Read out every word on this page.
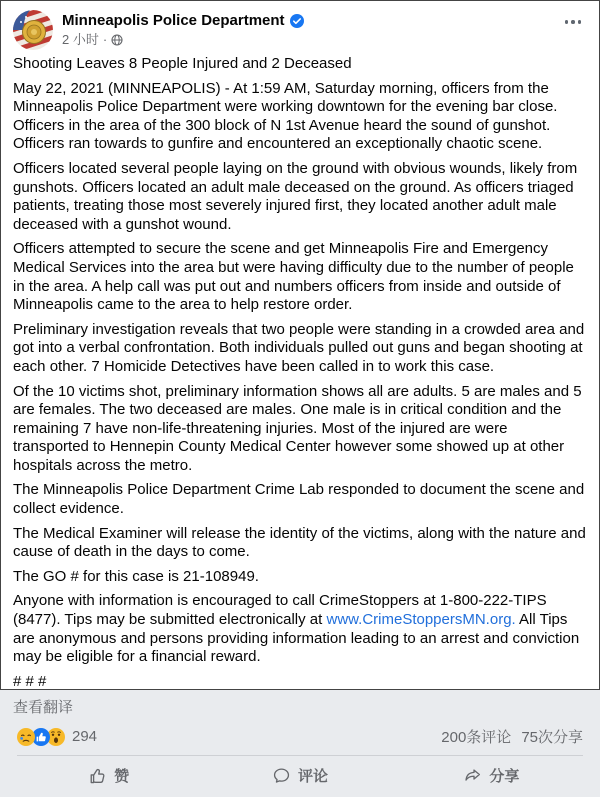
Minneapolis Police Department
2 小时 ·

Shooting Leaves 8 People Injured and 2 Deceased

May 22, 2021 (MINNEAPOLIS) - At 1:59 AM, Saturday morning, officers from the Minneapolis Police Department were working downtown for the evening bar close. Officers in the area of the 300 block of N 1st Avenue heard the sound of gunshot. Officers ran towards to gunfire and encountered an exceptionally chaotic scene.

Officers located several people laying on the ground with obvious wounds, likely from gunshots. Officers located an adult male deceased on the ground. As officers triaged patients, treating those most severely injured first, they located another adult male deceased with a gunshot wound.

Officers attempted to secure the scene and get Minneapolis Fire and Emergency Medical Services into the area but were having difficulty due to the number of people in the area. A help call was put out and numbers officers from inside and outside of Minneapolis came to the area to help restore order.

Preliminary investigation reveals that two people were standing in a crowded area and got into a verbal confrontation. Both individuals pulled out guns and began shooting at each other. 7 Homicide Detectives have been called in to work this case.

Of the 10 victims shot, preliminary information shows all are adults. 5 are males and 5 are females. The two deceased are males. One male is in critical condition and the remaining 7 have non-life-threatening injuries. Most of the injured are were transported to Hennepin County Medical Center however some showed up at other hospitals across the metro.

The Minneapolis Police Department Crime Lab responded to document the scene and collect evidence.

The Medical Examiner will release the identity of the victims, along with the nature and cause of death in the days to come.

The GO # for this case is 21-108949.

Anyone with information is encouraged to call CrimeStoppers at 1-800-222-TIPS (8477). Tips may be submitted electronically at www.CrimeStoppersMN.org. All Tips are anonymous and persons providing information leading to an arrest and conviction may be eligible for a financial reward.

# # #

查看翻译
294	200条评论 75次分享
赞	评论	分享
